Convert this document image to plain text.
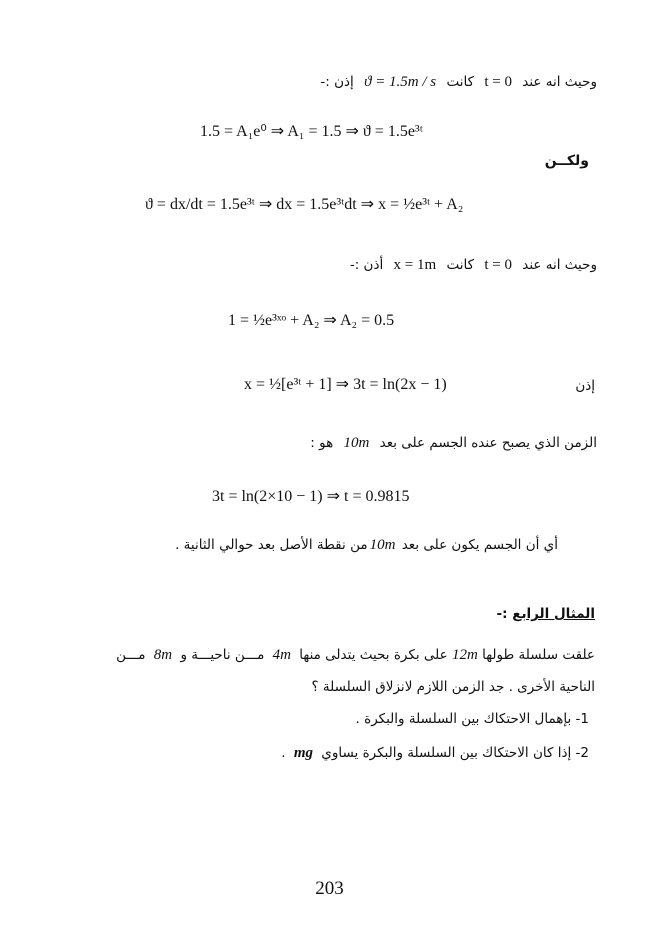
وحيث انه عند t = 0 كانت ϑ = 1.5m / s إذن :-
1.5 = A₁e⁰ ⇒ A₁ = 1.5 ⇒ ϑ = 1.5e³ᵗ
ولكــن
ϑ = dx/dt = 1.5e³ᵗ ⇒ dx = 1.5e³ᵗdt ⇒ x = ½e³ᵗ + A₂
وحيث انه عند t = 0 كانت x = 1m أذن :-
1 = ½e³ˣᵒ + A₂ ⇒ A₂ = 0.5
إذن
x = ½[e³ᵗ + 1] ⇒ 3t = ln(2x − 1)
الزمن الذي يصبح عنده الجسم على بعد 10m هو :
3t = ln(2×10 − 1) ⇒ t = 0.9815
أي أن الجسم يكون على بعد 10mمن نقطة الأصل بعد حوالي الثانية .
المثال الرابع :-
علقت سلسلة طولها 12m على بكرة بحيث يتدلى منها 4m مـــن ناحيـــة و 8m مـــن
الناحية الأخرى . جد الزمن اللازم لانزلاق السلسلة ؟
1- بإهمال الاحتكاك بين السلسلة والبكرة .
2- إذا كان الاحتكاك بين السلسلة والبكرة يساوي mg .
203
